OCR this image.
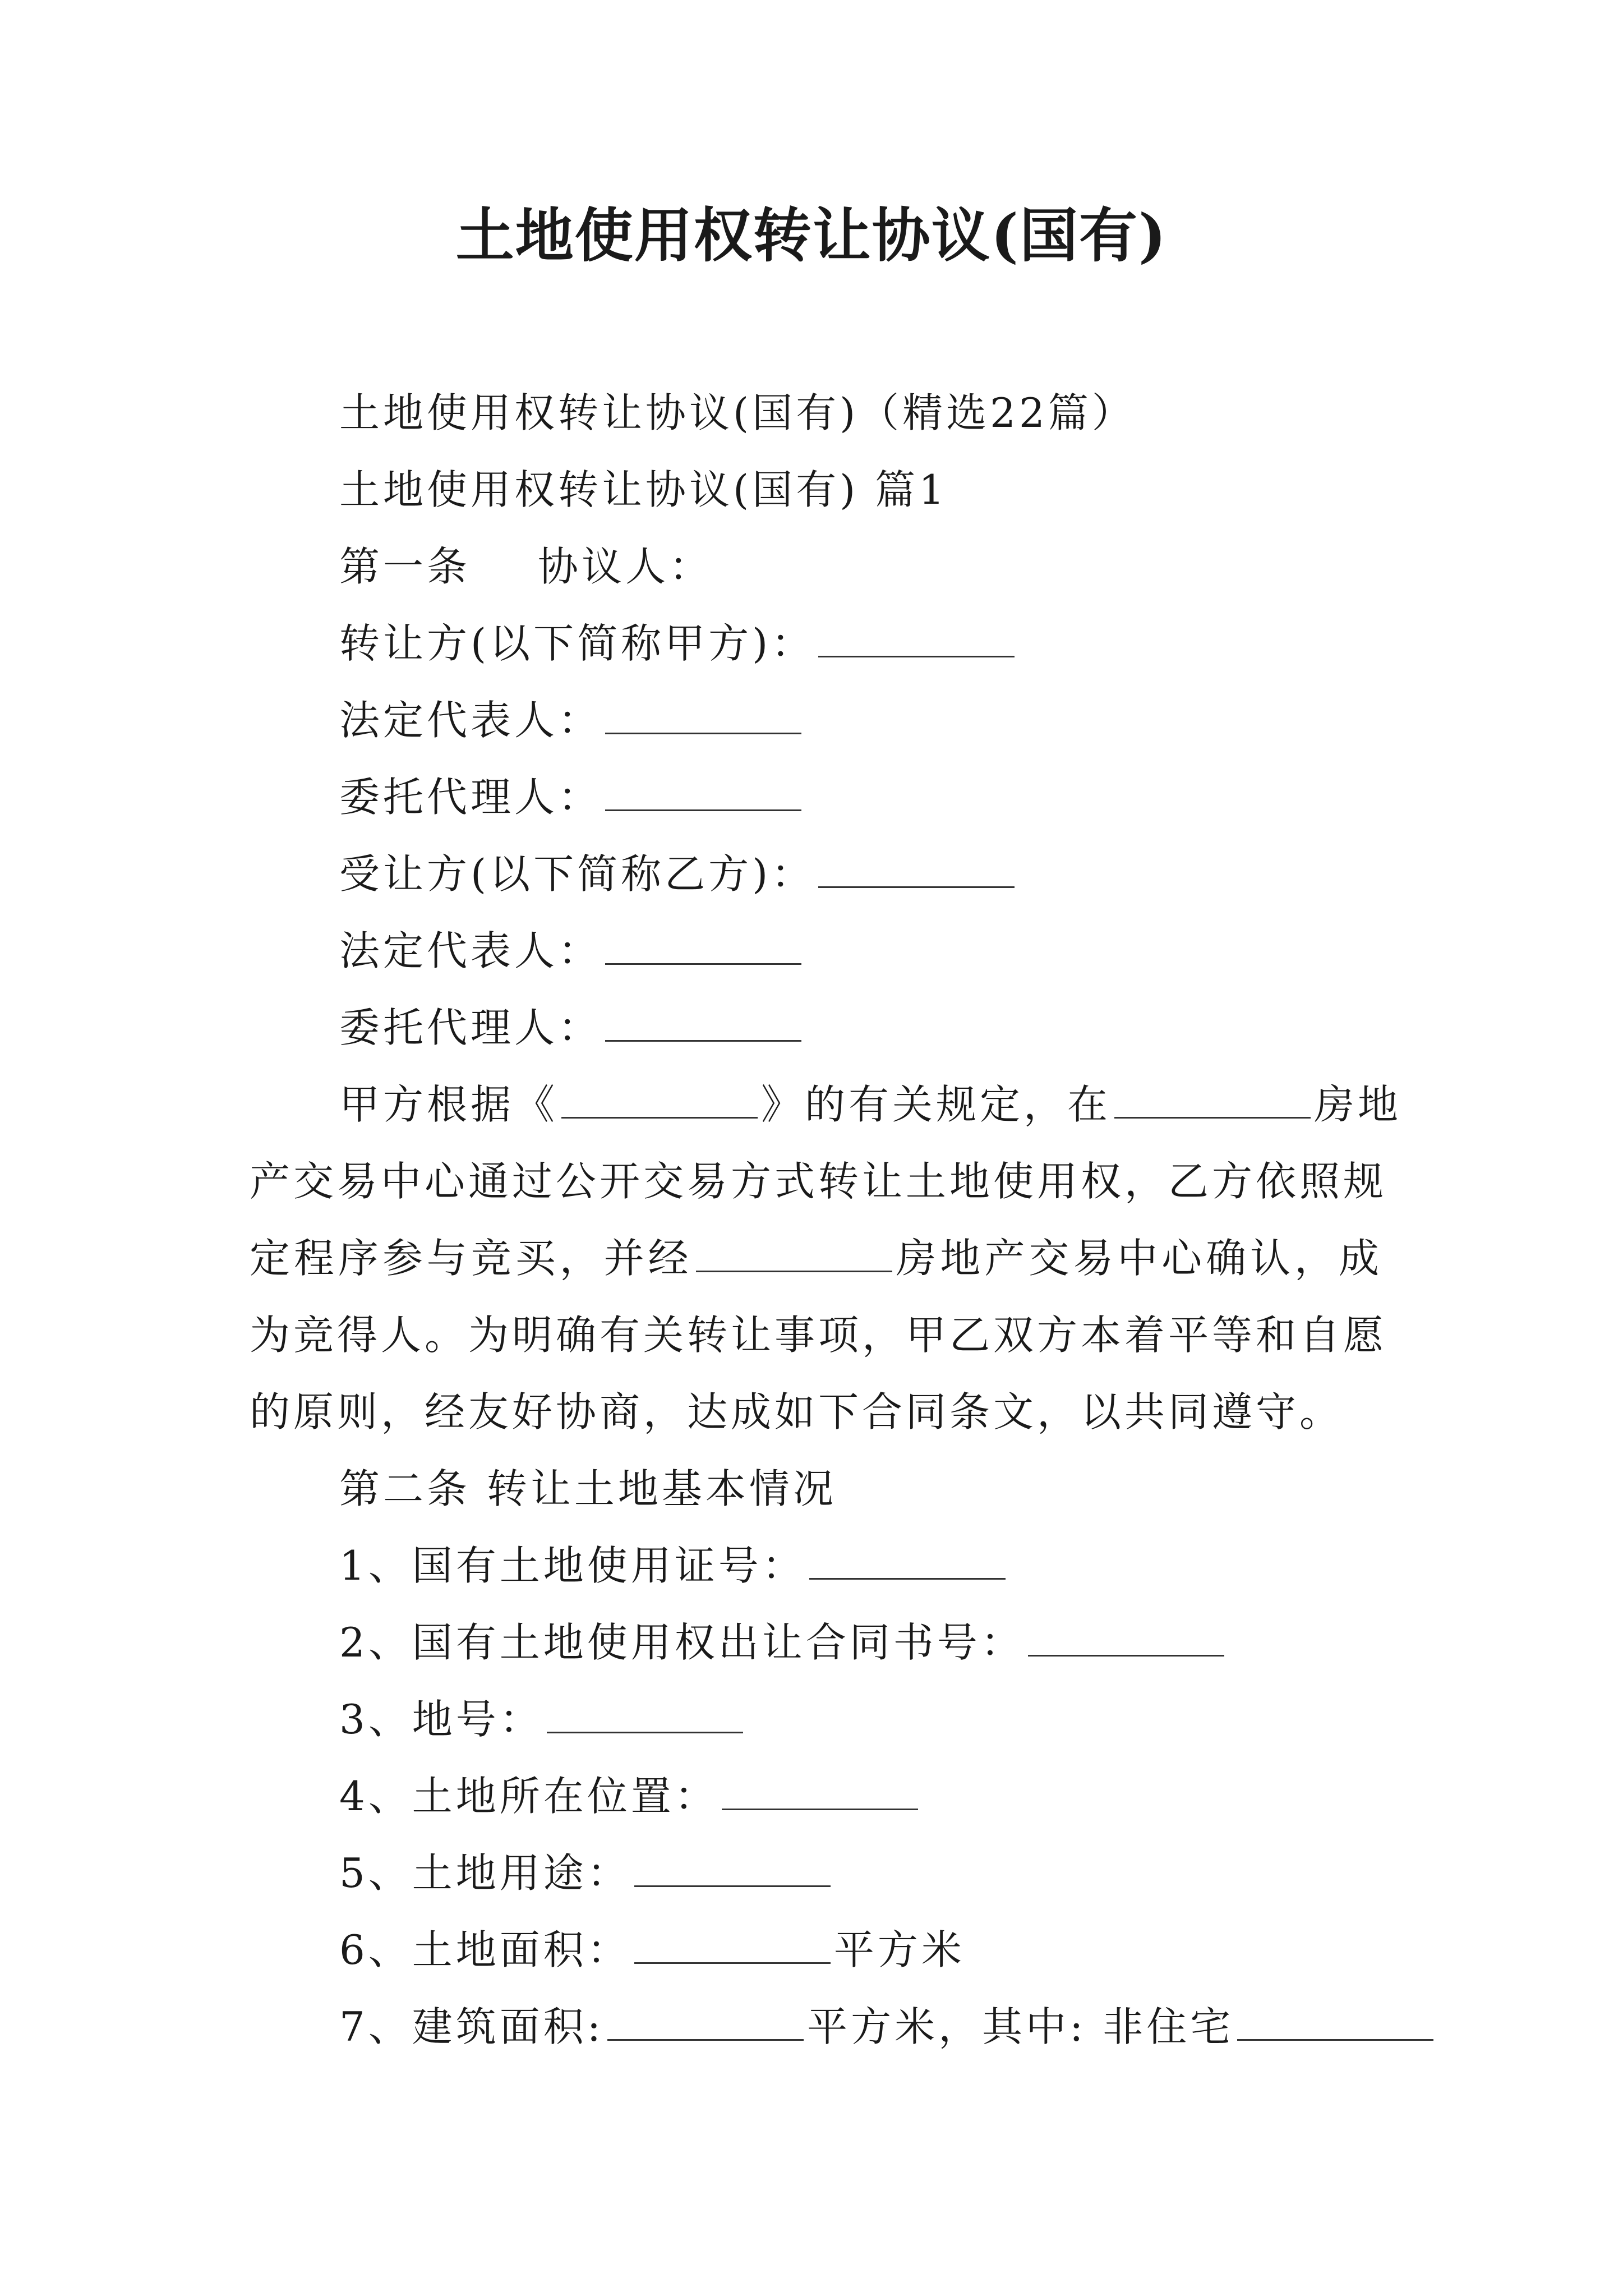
土地使用权转让协议(国有)
土地使用权转让协议(国有)（精选22篇）
土地使用权转让协议(国有) 篇1
第一条 协议人：
转让方(以下简称甲方)：
法定代表人：
委托代理人：
受让方(以下简称乙方)：
法定代表人：
委托代理人：
甲方根据《	》的有关规定，在	房地
产交易中心通过公开交易方式转让土地使用权，乙方依照规
定程序参与竞买，并经	房地产交易中心确认，成
为竞得人。为明确有关转让事项，甲乙双方本着平等和自愿
的原则，经友好协商，达成如下合同条文，以共同遵守。
第二条 转让土地基本情况
1、国有土地使用证号：
2、国有土地使用权出让合同书号：
3、地号：
4、土地所在位置：
5、土地用途：
6、土地面积：	平方米
7、建筑面积:	平方米，其中: 非住宅
